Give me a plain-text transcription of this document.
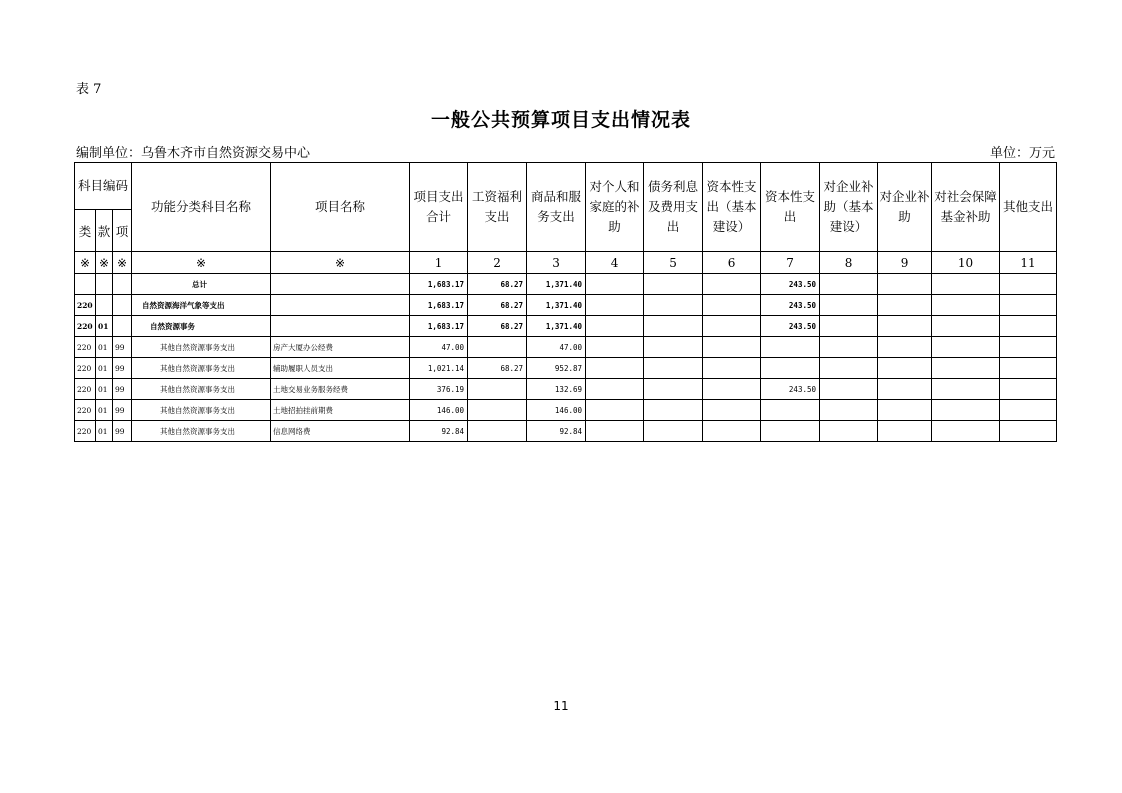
表 7
一般公共预算项目支出情况表
编制单位：乌鲁木齐市自然资源交易中心	单位：万元
科目编码			功能分类科目名称	项目名称	项目支出合计	工资福利支出	商品和服务支出	对个人和家庭的补助	债务利息及费用支出	资本性支出（基本建设）	资本性支出	对企业补助（基本建设）	对企业补助	对社会保障基金补助	其他支出
类	款	项													
※	※	※	※	※	1	2	3	4	5	6	7	8	9	10	11
			总计		1,683.17	68.27	1,371.40				243.50				
220			自然资源海洋气象等支出		1,683.17	68.27	1,371.40				243.50				
220	01		自然资源事务		1,683.17	68.27	1,371.40				243.50				
220	01	99	其他自然资源事务支出	房产大厦办公经费	47.00		47.00								
220	01	99	其他自然资源事务支出	辅助履职人员支出	1,021.14	68.27	952.87								
220	01	99	其他自然资源事务支出	土地交易业务服务经费	376.19		132.69				243.50				
220	01	99	其他自然资源事务支出	土地招拍挂前期费	146.00		146.00								
220	01	99	其他自然资源事务支出	信息网络费	92.84		92.84								
11
